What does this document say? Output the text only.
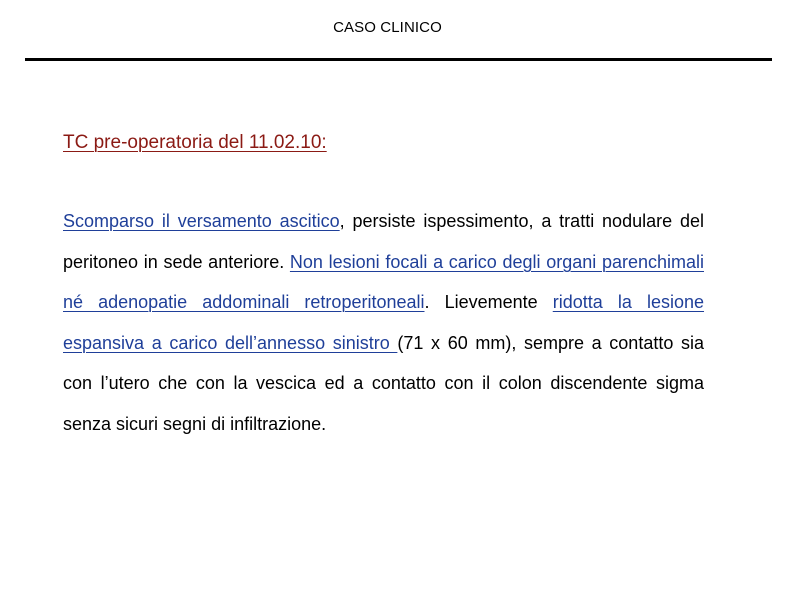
CASO CLINICO
TC pre-operatoria del 11.02.10:

Scomparso il versamento ascitico, persiste ispessimento, a tratti nodulare del peritoneo in sede anteriore. Non lesioni focali a carico degli organi parenchimali né adenopatie addominali retroperitoneali. Lievemente ridotta la lesione espansiva a carico dell’annesso sinistro (71 x 60 mm), sempre a contatto sia con l’utero che con la vescica ed a contatto con il colon discendente sigma senza sicuri segni di infiltrazione.
